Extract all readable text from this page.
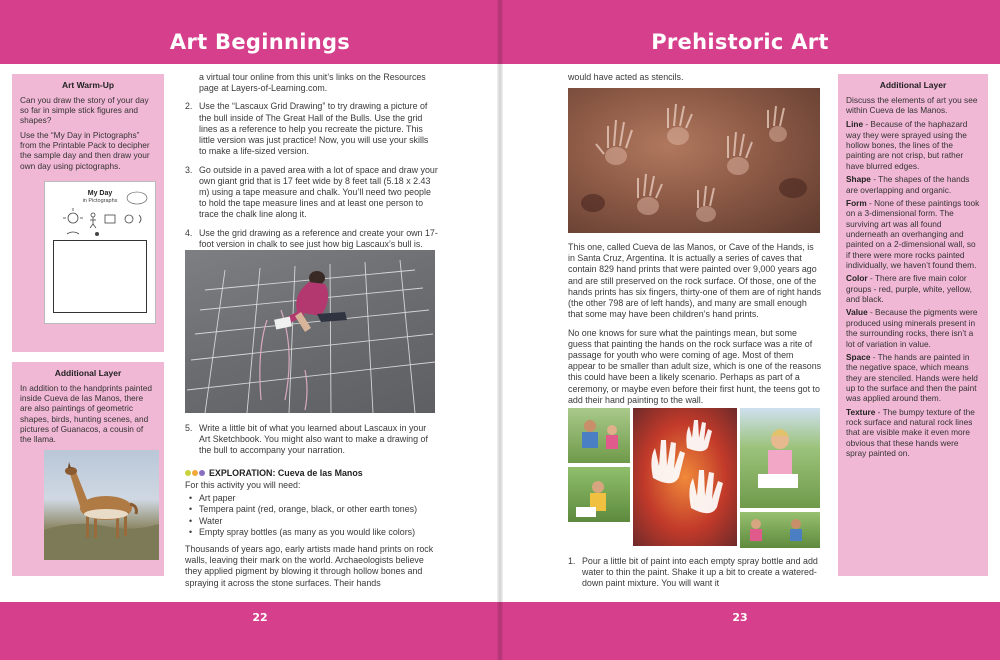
Art Beginnings
Art Warm-Up
Can you draw the story of your day so far in simple stick figures and shapes?
Use the “My Day in Pictographs” from the Printable Pack to decipher the sample day and then draw your own day using pictographs.
My Day
in Pictographs
Additional Layer
In addition to the handprints painted inside Cueva de las Manos, there are also paintings of geometric shapes, birds, hunting scenes, and pictures of Guanacos, a cousin of the llama.
a virtual tour online from this unit’s links on the Resources page at Layers-of-Learning.com.
2. Use the “Lascaux Grid Drawing” to try drawing a picture of the bull inside of The Great Hall of the Bulls. Use the grid lines as a reference to help you recreate the picture. This little version was just practice! Now, you will use your skills to make a life-sized version.
3. Go outside in a paved area with a lot of space and draw your own giant grid that is 17 feet wide by 8 feet tall (5.18 x 2.43 m) using a tape measure and chalk. You’ll need two people to hold the tape measure lines and at least one person to trace the chalk line along it.
4. Use the grid drawing as a reference and create your own 17-foot version in chalk to see just how big Lascaux’s bull is.
5. Write a little bit of what you learned about Lascaux in your Art Sketchbook. You might also want to make a drawing of the bull to accompany your narration.
EXPLORATION: Cueva de las Manos
For this activity you will need:
• Art paper
• Tempera paint (red, orange, black, or other earth tones)
• Water
• Empty spray bottles (as many as you would like colors)
Thousands of years ago, early artists made hand prints on rock walls, leaving their mark on the world. Archaeologists believe they applied pigment by blowing it through hollow bones and spraying it across the stone surfaces. Their hands
22
Prehistoric Art
would have acted as stencils.
This one, called Cueva de las Manos, or Cave of the Hands, is in Santa Cruz, Argentina. It is actually a series of caves that contain 829 hand prints that were painted over 9,000 years ago and are still preserved on the rock surface. Of those, one of the hands prints has six fingers, thirty-one of them are of right hands (the other 798 are of left hands), and many are small enough that some may have been children’s hand prints.
No one knows for sure what the paintings mean, but some guess that painting the hands on the rock surface was a rite of passage for youth who were coming of age. Most of them appear to be smaller than adult size, which is one of the reasons this could have been a likely scenario. Perhaps as part of a ceremony, or maybe even before their first hunt, the teens got to add their hand painting to the wall.
1. Pour a little bit of paint into each empty spray bottle and add water to thin the paint. Shake it up a bit to create a watered-down paint mixture. You will want it
Additional Layer
Discuss the elements of art you see within Cueva de las Manos.
Line - Because of the haphazard way they were sprayed using the hollow bones, the lines of the painting are not crisp, but rather have blurred edges.
Shape - The shapes of the hands are overlapping and organic.
Form - None of these paintings took on a 3-dimensional form. The surviving art was all found underneath an overhanging and painted on a 2-dimensional wall, so if there were more rocks painted individually, we haven’t found them.
Color - There are five main color groups - red, purple, white, yellow, and black.
Value - Because the pigments were produced using minerals present in the surrounding rocks, there isn’t a lot of variation in value.
Space - The hands are painted in the negative space, which means they are stenciled. Hands were held up to the surface and then the paint was applied around them.
Texture - The bumpy texture of the rock surface and natural rock lines that are visible make it even more obvious that these hands were spray painted on.
23
